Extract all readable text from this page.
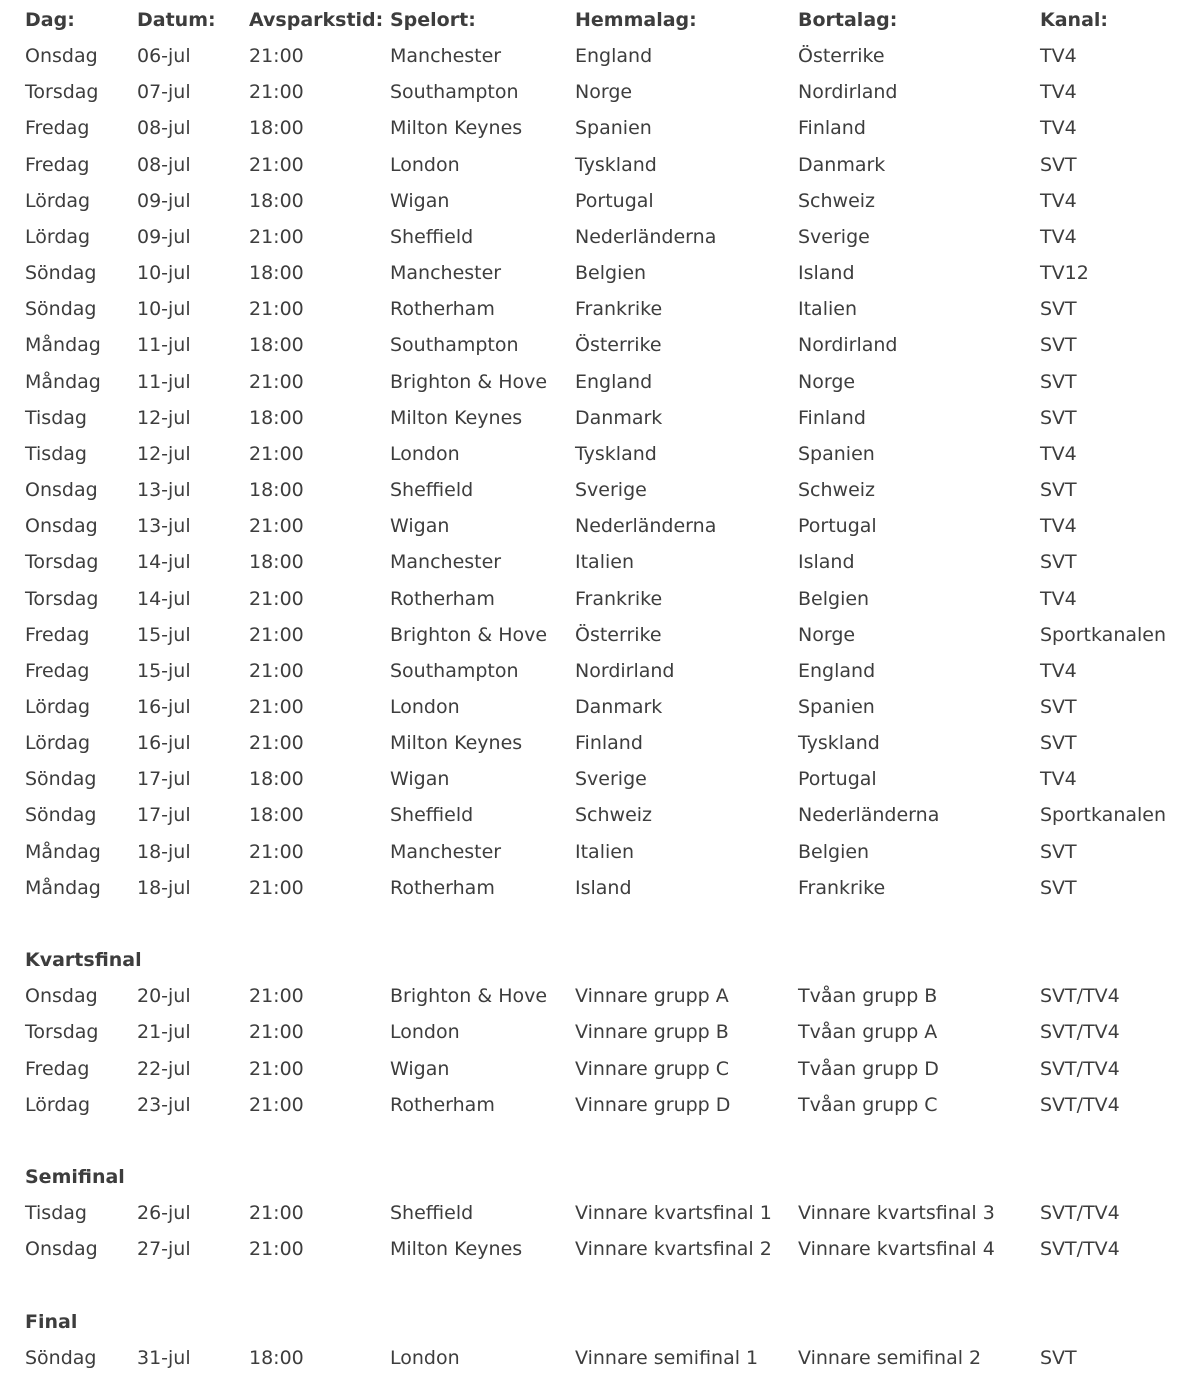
Dag:	Datum:	Avsparkstid: Spelort:	Hemmalag:	Bortalag:	Kanal:
Onsdag	06-jul	21:00	Manchester	England	Österrike	TV4
Torsdag	07-jul	21:00	Southampton	Norge	Nordirland	TV4
Fredag	08-jul	18:00	Milton Keynes	Spanien	Finland	TV4
Fredag	08-jul	21:00	London	Tyskland	Danmark	SVT
Lördag	09-jul	18:00	Wigan	Portugal	Schweiz	TV4
Lördag	09-jul	21:00	Sheffield	Nederländerna	Sverige	TV4
Söndag	10-jul	18:00	Manchester	Belgien	Island	TV12
Söndag	10-jul	21:00	Rotherham	Frankrike	Italien	SVT
Måndag	11-jul	18:00	Southampton	Österrike	Nordirland	SVT
Måndag	11-jul	21:00	Brighton & Hove	England	Norge	SVT
Tisdag	12-jul	18:00	Milton Keynes	Danmark	Finland	SVT
Tisdag	12-jul	21:00	London	Tyskland	Spanien	TV4
Onsdag	13-jul	18:00	Sheffield	Sverige	Schweiz	SVT
Onsdag	13-jul	21:00	Wigan	Nederländerna	Portugal	TV4
Torsdag	14-jul	18:00	Manchester	Italien	Island	SVT
Torsdag	14-jul	21:00	Rotherham	Frankrike	Belgien	TV4
Fredag	15-jul	21:00	Brighton & Hove	Österrike	Norge	Sportkanalen
Fredag	15-jul	21:00	Southampton	Nordirland	England	TV4
Lördag	16-jul	21:00	London	Danmark	Spanien	SVT
Lördag	16-jul	21:00	Milton Keynes	Finland	Tyskland	SVT
Söndag	17-jul	18:00	Wigan	Sverige	Portugal	TV4
Söndag	17-jul	18:00	Sheffield	Schweiz	Nederländerna	Sportkanalen
Måndag	18-jul	21:00	Manchester	Italien	Belgien	SVT
Måndag	18-jul	21:00	Rotherham	Island	Frankrike	SVT
Kvartsfinal
Onsdag	20-jul	21:00	Brighton & Hove	Vinnare grupp A	Tvåan grupp B	SVT/TV4
Torsdag	21-jul	21:00	London	Vinnare grupp B	Tvåan grupp A	SVT/TV4
Fredag	22-jul	21:00	Wigan	Vinnare grupp C	Tvåan grupp D	SVT/TV4
Lördag	23-jul	21:00	Rotherham	Vinnare grupp D	Tvåan grupp C	SVT/TV4
Semifinal
Tisdag	26-jul	21:00	Sheffield	Vinnare kvartsfinal 1	Vinnare kvartsfinal 3	SVT/TV4
Onsdag	27-jul	21:00	Milton Keynes	Vinnare kvartsfinal 2	Vinnare kvartsfinal 4	SVT/TV4
Final
Söndag	31-jul	18:00	London	Vinnare semifinal 1	Vinnare semifinal 2	SVT
